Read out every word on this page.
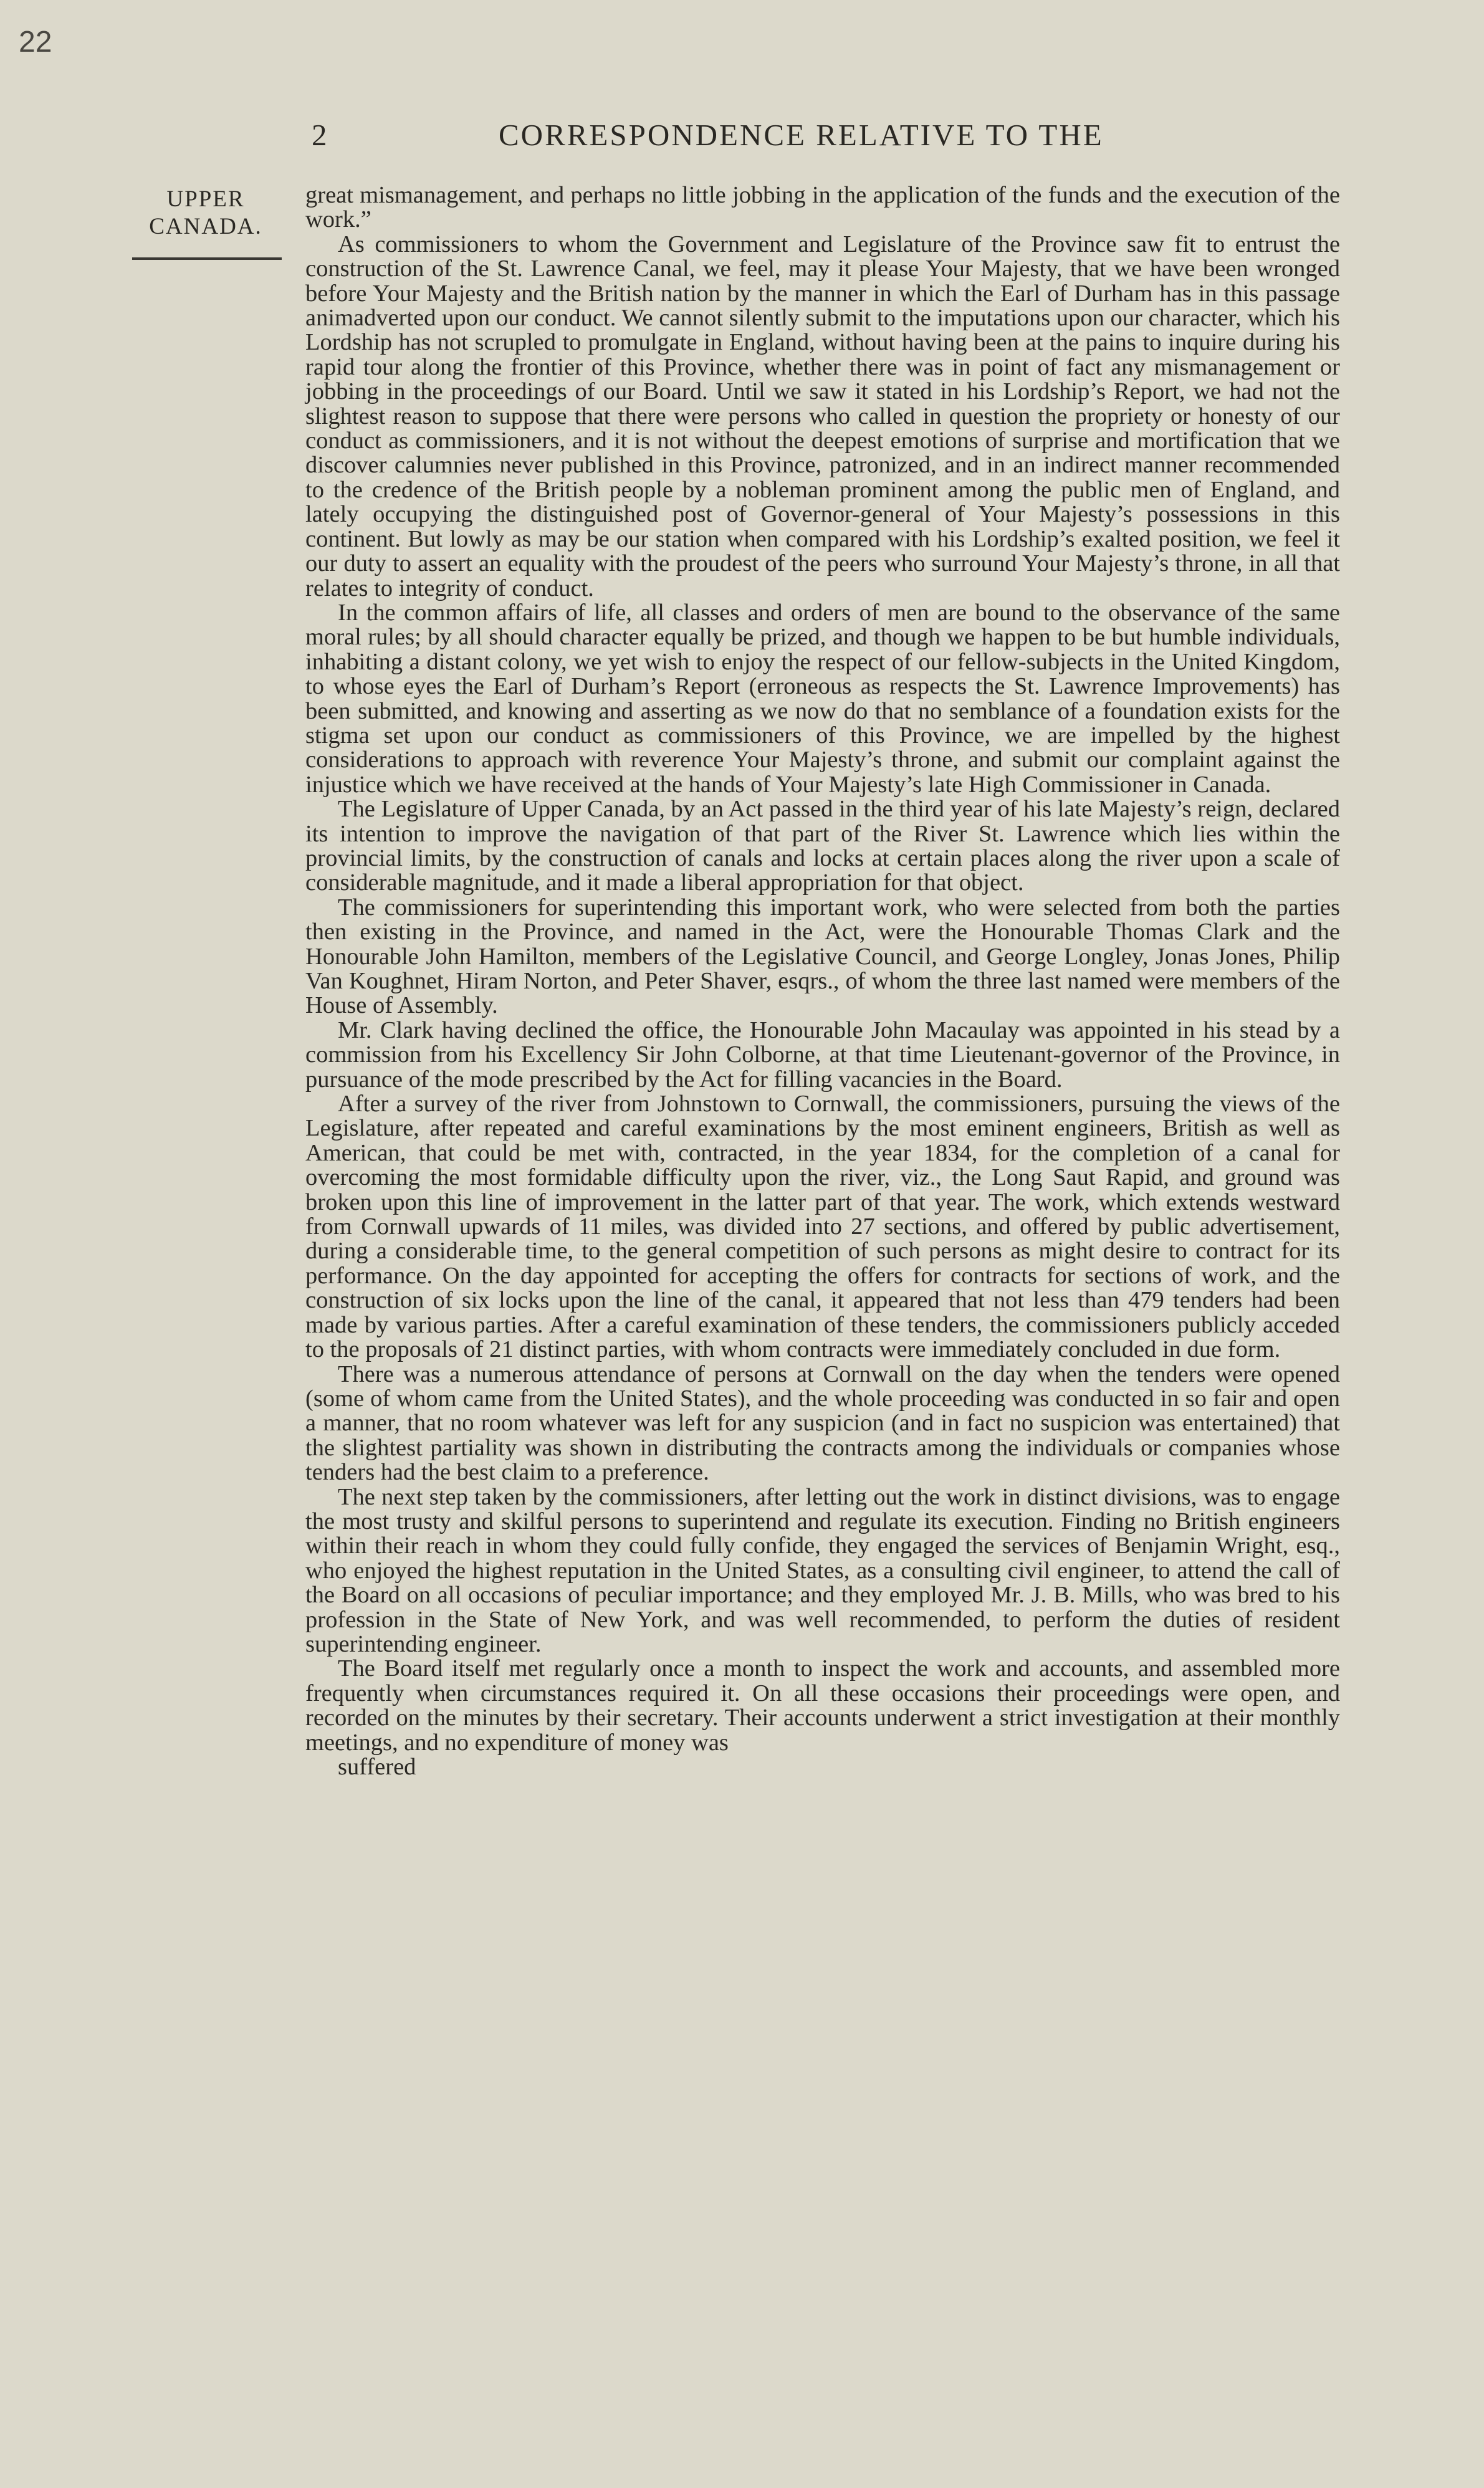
22
2	CORRESPONDENCE RELATIVE TO THE
UPPER
CANADA.

great mismanagement, and perhaps no little jobbing in the application of the funds and the execution of the work.”

As commissioners to whom the Government and Legislature of the Province saw fit to entrust the construction of the St. Lawrence Canal, we feel, may it please Your Majesty, that we have been wronged before Your Majesty and the British nation by the manner in which the Earl of Durham has in this passage animadverted upon our conduct. We cannot silently submit to the imputations upon our character, which his Lordship has not scrupled to promulgate in England, without having been at the pains to inquire during his rapid tour along the frontier of this Province, whether there was in point of fact any mismanagement or jobbing in the proceedings of our Board. Until we saw it stated in his Lordship’s Report, we had not the slightest reason to suppose that there were persons who called in question the propriety or honesty of our conduct as commissioners, and it is not without the deepest emotions of surprise and mortification that we discover calumnies never published in this Province, patronized, and in an indirect manner recommended to the credence of the British people by a nobleman prominent among the public men of England, and lately occupying the distinguished post of Governor-general of Your Majesty’s possessions in this continent. But lowly as may be our station when compared with his Lordship’s exalted position, we feel it our duty to assert an equality with the proudest of the peers who surround Your Majesty’s throne, in all that relates to integrity of conduct.

In the common affairs of life, all classes and orders of men are bound to the observance of the same moral rules; by all should character equally be prized, and though we happen to be but humble individuals, inhabiting a distant colony, we yet wish to enjoy the respect of our fellow-subjects in the United Kingdom, to whose eyes the Earl of Durham’s Report (erroneous as respects the St. Lawrence Improvements) has been submitted, and knowing and asserting as we now do that no semblance of a foundation exists for the stigma set upon our conduct as commissioners of this Province, we are impelled by the highest considerations to approach with reverence Your Majesty’s throne, and submit our complaint against the injustice which we have received at the hands of Your Majesty’s late High Commissioner in Canada.

The Legislature of Upper Canada, by an Act passed in the third year of his late Majesty’s reign, declared its intention to improve the navigation of that part of the River St. Lawrence which lies within the provincial limits, by the construction of canals and locks at certain places along the river upon a scale of considerable magnitude, and it made a liberal appropriation for that object.

The commissioners for superintending this important work, who were selected from both the parties then existing in the Province, and named in the Act, were the Honourable Thomas Clark and the Honourable John Hamilton, members of the Legislative Council, and George Longley, Jonas Jones, Philip Van Koughnet, Hiram Norton, and Peter Shaver, esqrs., of whom the three last named were members of the House of Assembly.

Mr. Clark having declined the office, the Honourable John Macaulay was appointed in his stead by a commission from his Excellency Sir John Colborne, at that time Lieutenant-governor of the Province, in pursuance of the mode prescribed by the Act for filling vacancies in the Board.

After a survey of the river from Johnstown to Cornwall, the commissioners, pursuing the views of the Legislature, after repeated and careful examinations by the most eminent engineers, British as well as American, that could be met with, contracted, in the year 1834, for the completion of a canal for overcoming the most formidable difficulty upon the river, viz., the Long Saut Rapid, and ground was broken upon this line of improvement in the latter part of that year. The work, which extends westward from Cornwall upwards of 11 miles, was divided into 27 sections, and offered by public advertisement, during a considerable time, to the general competition of such persons as might desire to contract for its performance. On the day appointed for accepting the offers for contracts for sections of work, and the construction of six locks upon the line of the canal, it appeared that not less than 479 tenders had been made by various parties. After a careful examination of these tenders, the commissioners publicly acceded to the proposals of 21 distinct parties, with whom contracts were immediately concluded in due form.

There was a numerous attendance of persons at Cornwall on the day when the tenders were opened (some of whom came from the United States), and the whole proceeding was conducted in so fair and open a manner, that no room whatever was left for any suspicion (and in fact no suspicion was entertained) that the slightest partiality was shown in distributing the contracts among the individuals or companies whose tenders had the best claim to a preference.

The next step taken by the commissioners, after letting out the work in distinct divisions, was to engage the most trusty and skilful persons to superintend and regulate its execution. Finding no British engineers within their reach in whom they could fully confide, they engaged the services of Benjamin Wright, esq., who enjoyed the highest reputation in the United States, as a consulting civil engineer, to attend the call of the Board on all occasions of peculiar importance; and they employed Mr. J. B. Mills, who was bred to his profession in the State of New York, and was well recommended, to perform the duties of resident superintending engineer.

The Board itself met regularly once a month to inspect the work and accounts, and assembled more frequently when circumstances required it. On all these occasions their proceedings were open, and recorded on the minutes by their secretary. Their accounts underwent a strict investigation at their monthly meetings, and no expenditure of money was

suffered
